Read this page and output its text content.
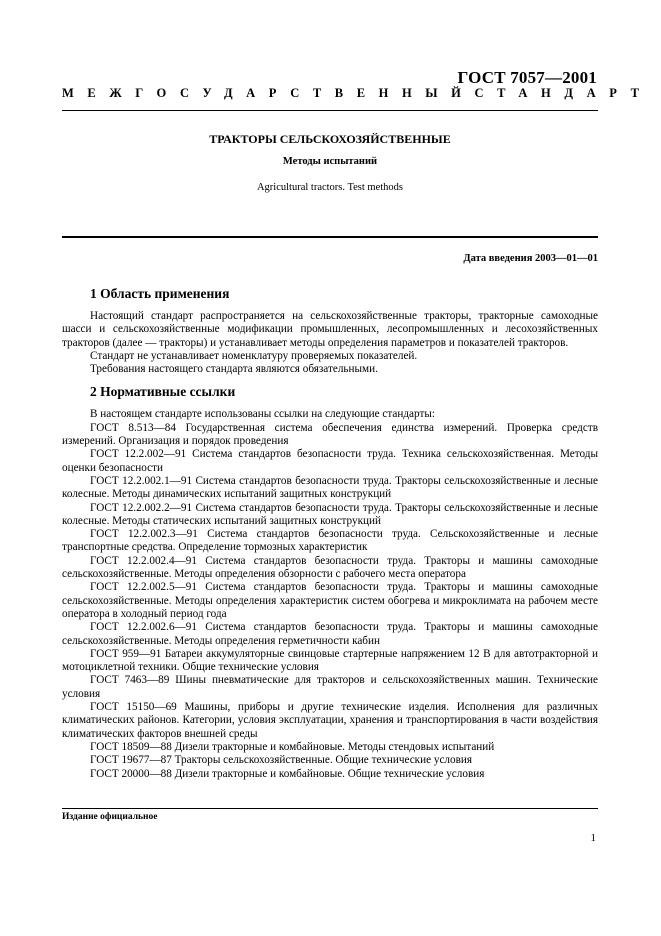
ГОСТ 7057—2001
МЕЖГОСУДАРСТВЕННЫЙ СТАНДАРТ
ТРАКТОРЫ СЕЛЬСКОХОЗЯЙСТВЕННЫЕ
Методы испытаний
Agricultural tractors. Test methods
Дата введения 2003—01—01
1 Область применения

Настоящий стандарт распространяется на сельскохозяйственные тракторы, тракторные самоходные шасси и сельскохозяйственные модификации промышленных, лесопромышленных и лесохозяйственных тракторов (далее — тракторы) и устанавливает методы определения параметров и показателей тракторов.

Стандарт не устанавливает номенклатуру проверяемых показателей.

Требования настоящего стандарта являются обязательными.

2 Нормативные ссылки

В настоящем стандарте использованы ссылки на следующие стандарты:

ГОСТ 8.513—84 Государственная система обеспечения единства измерений. Проверка средств измерений. Организация и порядок проведения

ГОСТ 12.2.002—91 Система стандартов безопасности труда. Техника сельскохозяйственная. Методы оценки безопасности

ГОСТ 12.2.002.1—91 Система стандартов безопасности труда. Тракторы сельскохозяйственные и лесные колесные. Методы динамических испытаний защитных конструкций

ГОСТ 12.2.002.2—91 Система стандартов безопасности труда. Тракторы сельскохозяйственные и лесные колесные. Методы статических испытаний защитных конструкций

ГОСТ 12.2.002.3—91 Система стандартов безопасности труда. Сельскохозяйственные и лесные транспортные средства. Определение тормозных характеристик

ГОСТ 12.2.002.4—91 Система стандартов безопасности труда. Тракторы и машины самоходные сельскохозяйственные. Методы определения обзорности с рабочего места оператора

ГОСТ 12.2.002.5—91 Система стандартов безопасности труда. Тракторы и машины самоходные сельскохозяйственные. Методы определения характеристик систем обогрева и микроклимата на рабочем месте оператора в холодный период года

ГОСТ 12.2.002.6—91 Система стандартов безопасности труда. Тракторы и машины самоходные сельскохозяйственные. Методы определения герметичности кабин

ГОСТ 959—91 Батареи аккумуляторные свинцовые стартерные напряжением 12 В для автотракторной и мотоциклетной техники. Общие технические условия

ГОСТ 7463—89 Шины пневматические для тракторов и сельскохозяйственных машин. Технические условия

ГОСТ 15150—69 Машины, приборы и другие технические изделия. Исполнения для различных климатических районов. Категории, условия эксплуатации, хранения и транспортирования в части воздействия климатических факторов внешней среды

ГОСТ 18509—88 Дизели тракторные и комбайновые. Методы стендовых испытаний

ГОСТ 19677—87 Тракторы сельскохозяйственные. Общие технические условия

ГОСТ 20000—88 Дизели тракторные и комбайновые. Общие технические условия

Издание официальное
1
